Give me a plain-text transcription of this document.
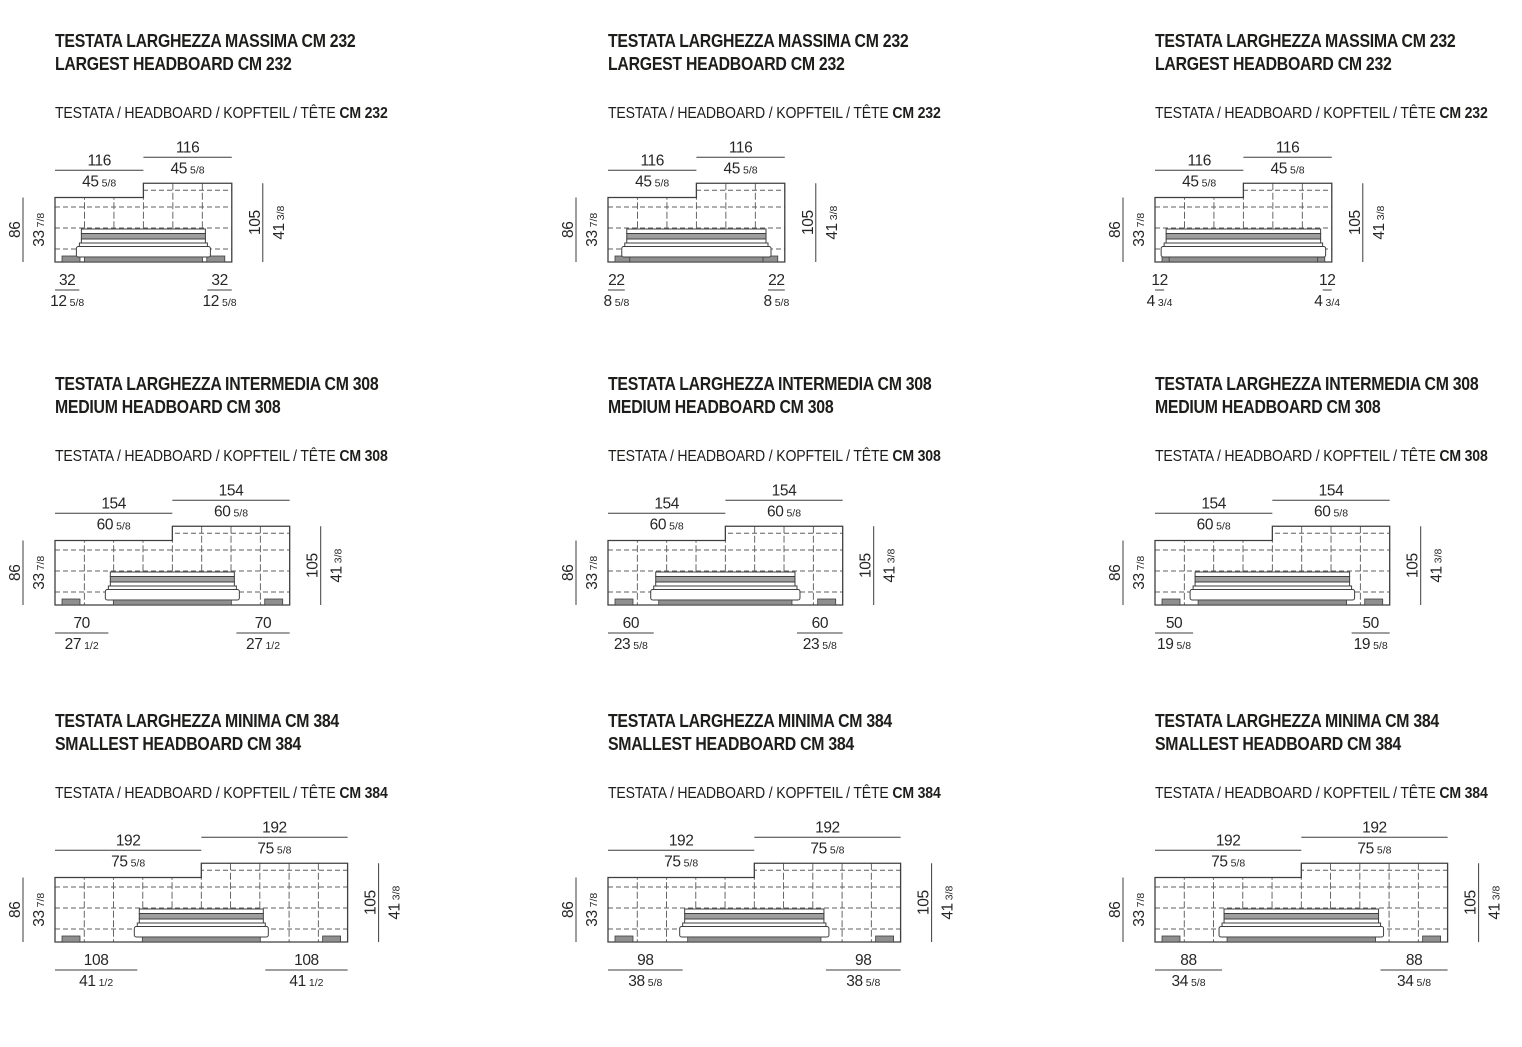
TESTATA LARGHEZZA MASSIMA CM 232
LARGEST HEADBOARD CM 232
TESTATA / HEADBOARD / KOPFTEIL / TÊTE CM 232
116
45 5/8
116
45 5/8
86
337/8	105 413/8
32
12 5/8
32
12 5/8
TESTATA LARGHEZZA MASSIMA CM 232
LARGEST HEADBOARD CM 232
TESTATA / HEADBOARD / KOPFTEIL / TÊTE CM 232
116
45 5/8
116
45 5/8
86
337/8	105 413/8
22
8 5/8
22
8 5/8
TESTATA LARGHEZZA MASSIMA CM 232
LARGEST HEADBOARD CM 232
TESTATA / HEADBOARD / KOPFTEIL / TÊTE CM 232
116
45 5/8
116
45 5/8
86
337/8	105 413/8
12
4 3/4
12
4 3/4
TESTATA LARGHEZZA INTERMEDIA CM 308
MEDIUM HEADBOARD CM 308
TESTATA / HEADBOARD / KOPFTEIL / TÊTE CM 308
154
60 5/8
154
60 5/8
86
337/8	105 413/8
70
27 1/2
70
27 1/2
TESTATA LARGHEZZA INTERMEDIA CM 308
MEDIUM HEADBOARD CM 308
TESTATA / HEADBOARD / KOPFTEIL / TÊTE CM 308
154
60 5/8
154
60 5/8
86
337/8	105 413/8
60
23 5/8
60
23 5/8
TESTATA LARGHEZZA INTERMEDIA CM 308
MEDIUM HEADBOARD CM 308
TESTATA / HEADBOARD / KOPFTEIL / TÊTE CM 308
154
60 5/8
154
60 5/8
86
337/8	105 413/8
50
19 5/8
50
19 5/8
TESTATA LARGHEZZA MINIMA CM 384
SMALLEST HEADBOARD CM 384
TESTATA / HEADBOARD / KOPFTEIL / TÊTE CM 384
192
75 5/8
192
75 5/8
86
337/8	105 413/8
108
41 1/2
108
41 1/2
TESTATA LARGHEZZA MINIMA CM 384
SMALLEST HEADBOARD CM 384
TESTATA / HEADBOARD / KOPFTEIL / TÊTE CM 384
192
75 5/8
192
75 5/8
86
337/8	105 413/8
98
38 5/8
98
38 5/8
TESTATA LARGHEZZA MINIMA CM 384
SMALLEST HEADBOARD CM 384
TESTATA / HEADBOARD / KOPFTEIL / TÊTE CM 384
192
75 5/8
192
75 5/8
86
337/8	105 413/8
88
34 5/8
88
34 5/8
